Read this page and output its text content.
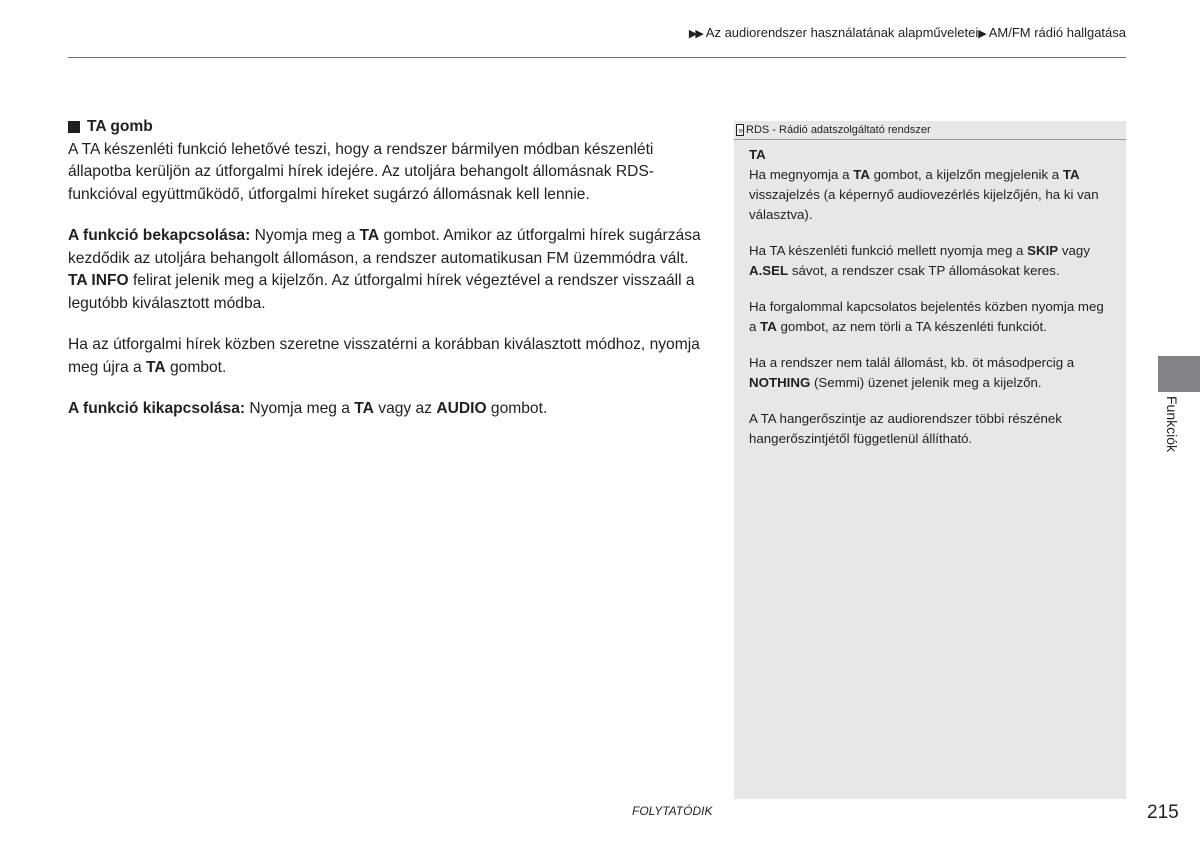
▶▶ Az audiorendszer használatának alapműveletei▶ AM/FM rádió hallgatása
TA gomb

A TA készenléti funkció lehetővé teszi, hogy a rendszer bármilyen módban készenléti állapotba kerüljön az útforgalmi hírek idejére. Az utoljára behangolt állomásnak RDS-funkcióval együttműködő, útforgalmi híreket sugárzó állomásnak kell lennie.

A funkció bekapcsolása: Nyomja meg a TA gombot. Amikor az útforgalmi hírek sugárzása kezdődik az utoljára behangolt állomáson, a rendszer automatikusan FM üzemmódra vált. TA INFO felirat jelenik meg a kijelzőn. Az útforgalmi hírek végeztével a rendszer visszaáll a legutóbb kiválasztott módba.

Ha az útforgalmi hírek közben szeretne visszatérni a korábban kiválasztott módhoz, nyomja meg újra a TA gombot.

A funkció kikapcsolása: Nyomja meg a TA vagy az AUDIO gombot.

» RDS - Rádió adatszolgáltató rendszer
TA

Ha megnyomja a TA gombot, a kijelzőn megjelenik a TA visszajelzés (a képernyő audiovezérlés kijelzőjén, ha ki van választva).

Ha TA készenléti funkció mellett nyomja meg a SKIP vagy A.SEL sávot, a rendszer csak TP állomásokat keres.

Ha forgalommal kapcsolatos bejelentés közben nyomja meg a TA gombot, az nem törli a TA készenléti funkciót.

Ha a rendszer nem talál állomást, kb. öt másodpercig a NOTHING (Semmi) üzenet jelenik meg a kijelzőn.

A TA hangerőszintje az audiorendszer többi részének hangerőszintjétől függetlenül állítható.	Funkciók
FOLYTATÓDIK	215
